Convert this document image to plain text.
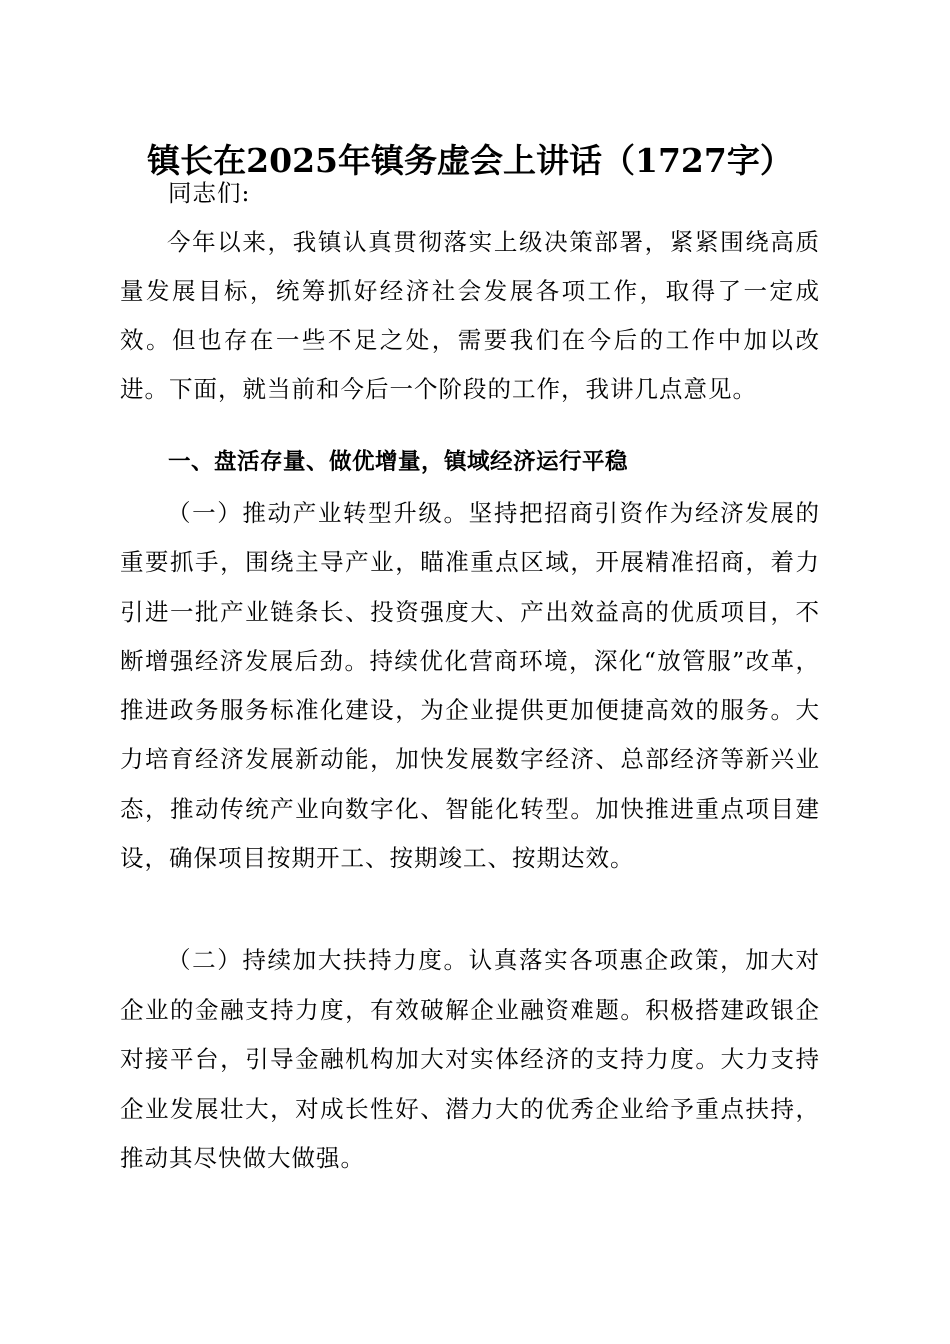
镇长在2025年镇务虚会上讲话（1727字）
同志们:
今年以来，我镇认真贯彻落实上级决策部署，紧紧围绕高质量发展目标，统筹抓好经济社会发展各项工作，取得了一定成效。但也存在一些不足之处，需要我们在今后的工作中加以改进。下面，就当前和今后一个阶段的工作，我讲几点意见。
一、盘活存量、做优增量，镇域经济运行平稳
（一）推动产业转型升级。坚持把招商引资作为经济发展的重要抓手，围绕主导产业，瞄准重点区域，开展精准招商，着力引进一批产业链条长、投资强度大、产出效益高的优质项目，不断增强经济发展后劲。持续优化营商环境，深化“放管服”改革，推进政务服务标准化建设，为企业提供更加便捷高效的服务。大力培育经济发展新动能，加快发展数字经济、总部经济等新兴业态，推动传统产业向数字化、智能化转型。加快推进重点项目建设，确保项目按期开工、按期竣工、按期达效。
（二）持续加大扶持力度。认真落实各项惠企政策，加大对企业的金融支持力度，有效破解企业融资难题。积极搭建政银企对接平台，引导金融机构加大对实体经济的支持力度。大力支持企业发展壮大，对成长性好、潜力大的优秀企业给予重点扶持，推动其尽快做大做强。
